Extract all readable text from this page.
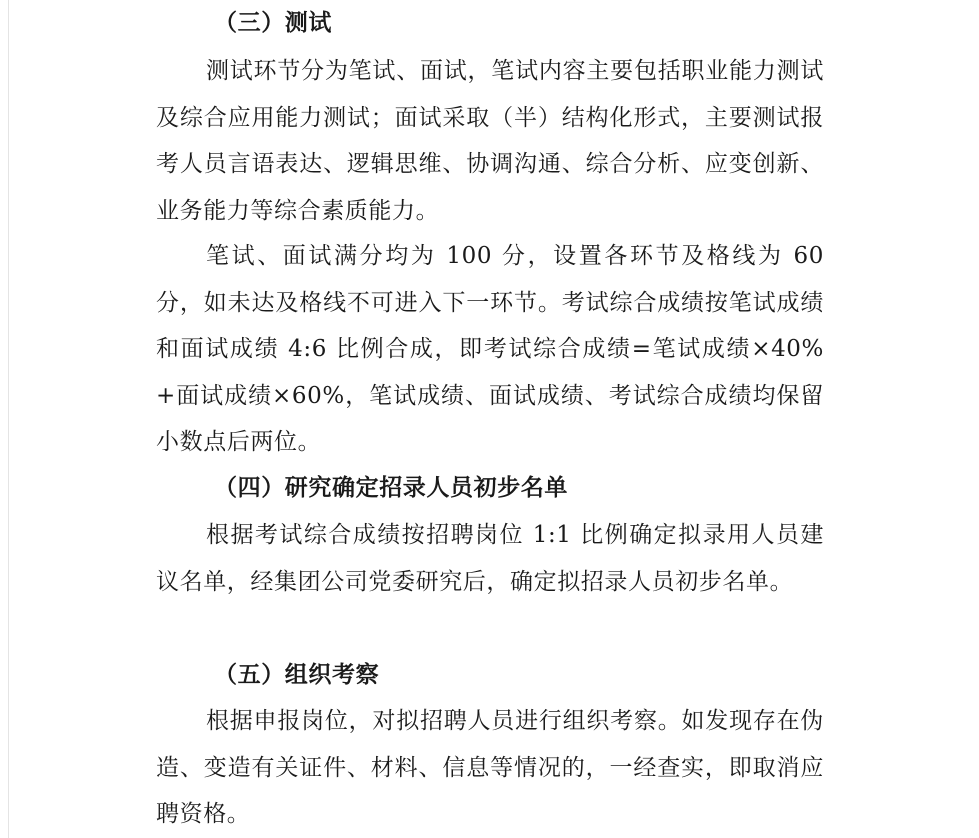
（三）测试
测试环节分为笔试、面试，笔试内容主要包括职业能力测试及综合应用能力测试；面试采取（半）结构化形式，主要测试报考人员言语表达、逻辑思维、协调沟通、综合分析、应变创新、业务能力等综合素质能力。
笔试、面试满分均为 100 分，设置各环节及格线为 60 分，如未达及格线不可进入下一环节。考试综合成绩按笔试成绩和面试成绩 4:6 比例合成，即考试综合成绩=笔试成绩×40%+面试成绩×60%，笔试成绩、面试成绩、考试综合成绩均保留小数点后两位。
（四）研究确定招录人员初步名单
根据考试综合成绩按招聘岗位 1:1 比例确定拟录用人员建议名单，经集团公司党委研究后，确定拟招录人员初步名单。
（五）组织考察
根据申报岗位，对拟招聘人员进行组织考察。如发现存在伪造、变造有关证件、材料、信息等情况的，一经查实，即取消应聘资格。
